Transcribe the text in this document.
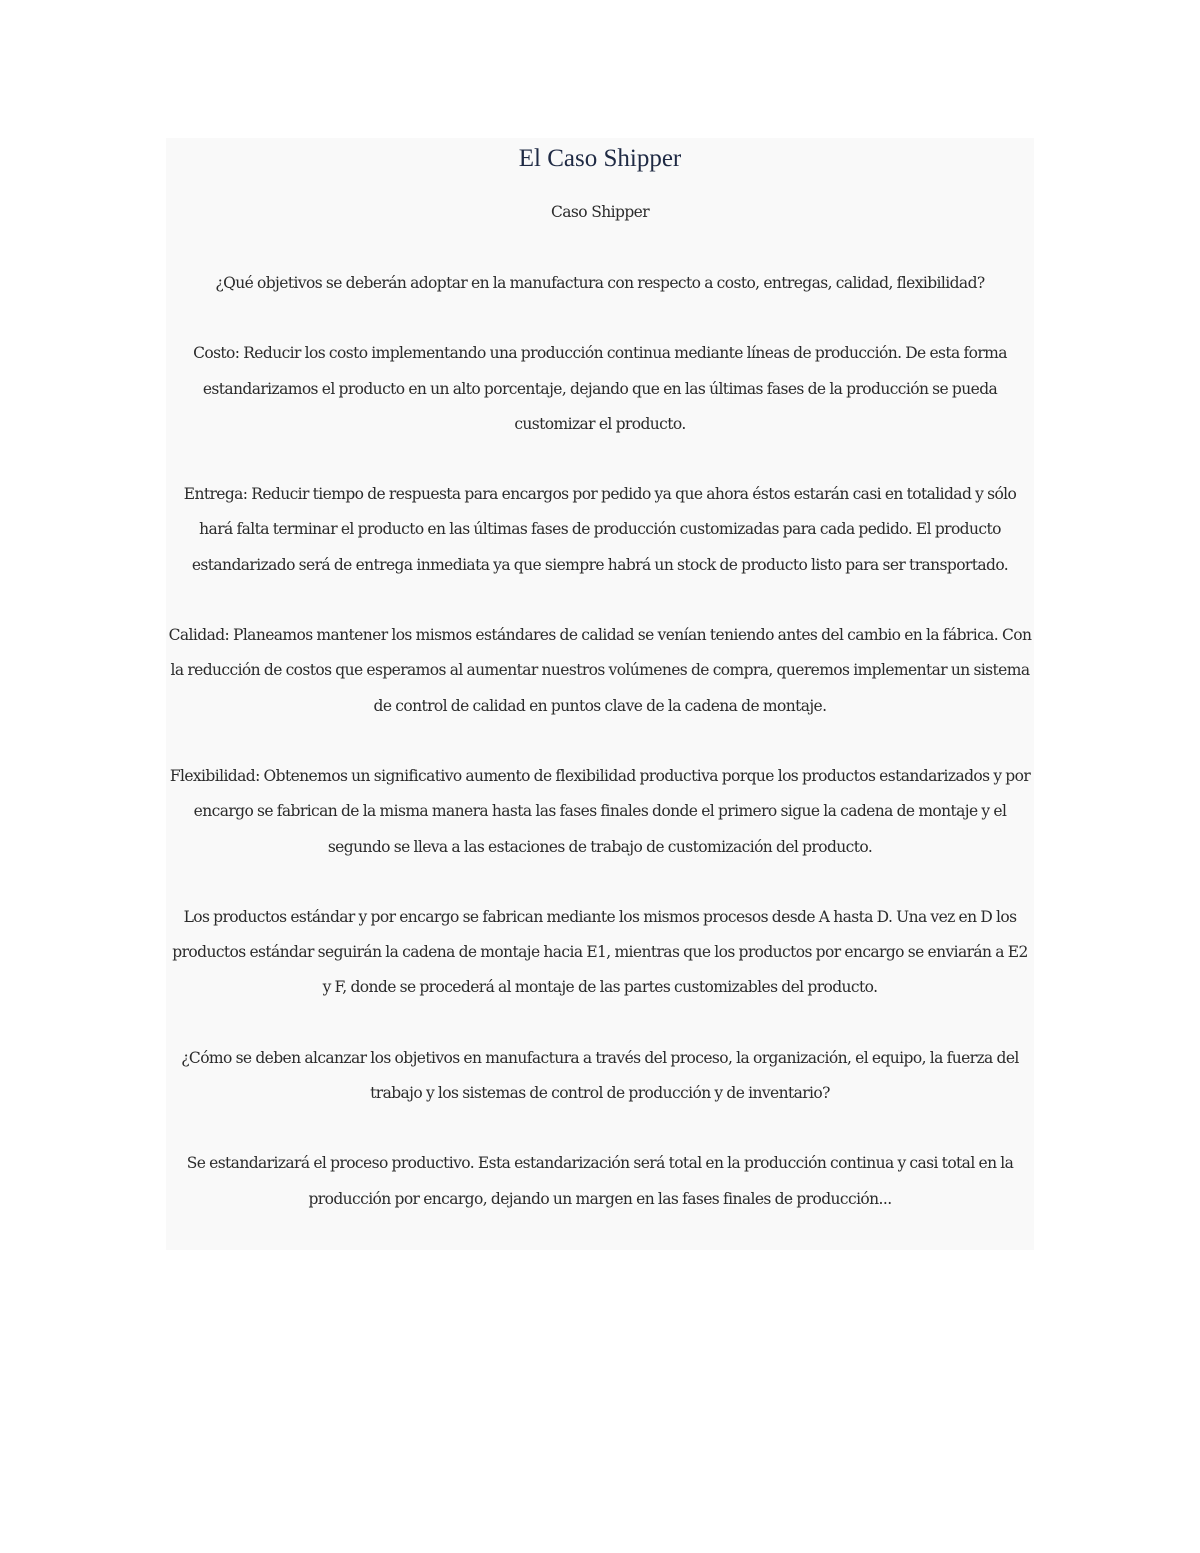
El Caso Shipper

Caso Shipper

¿Qué objetivos se deberán adoptar en la manufactura con respecto a costo, entregas, calidad, flexibilidad?

Costo: Reducir los costo implementando una producción continua mediante líneas de producción. De esta forma estandarizamos el producto en un alto porcentaje, dejando que en las últimas fases de la producción se pueda customizar el producto.

Entrega: Reducir tiempo de respuesta para encargos por pedido ya que ahora éstos estarán casi en totalidad y sólo hará falta terminar el producto en las últimas fases de producción customizadas para cada pedido. El producto estandarizado será de entrega inmediata ya que siempre habrá un stock de producto listo para ser transportado.

Calidad: Planeamos mantener los mismos estándares de calidad se venían teniendo antes del cambio en la fábrica. Con la reducción de costos que esperamos al aumentar nuestros volúmenes de compra, queremos implementar un sistema de control de calidad en puntos clave de la cadena de montaje.

Flexibilidad: Obtenemos un significativo aumento de flexibilidad productiva porque los productos estandarizados y por encargo se fabrican de la misma manera hasta las fases finales donde el primero sigue la cadena de montaje y el segundo se lleva a las estaciones de trabajo de customización del producto.

Los productos estándar y por encargo se fabrican mediante los mismos procesos desde A hasta D. Una vez en D los productos estándar seguirán la cadena de montaje hacia E1, mientras que los productos por encargo se enviarán a E2 y F, donde se procederá al montaje de las partes customizables del producto.

¿Cómo se deben alcanzar los objetivos en manufactura a través del proceso, la organización, el equipo, la fuerza del trabajo y los sistemas de control de producción y de inventario?

Se estandarizará el proceso productivo. Esta estandarización será total en la producción continua y casi total en la producción por encargo, dejando un margen en las fases finales de producción...
